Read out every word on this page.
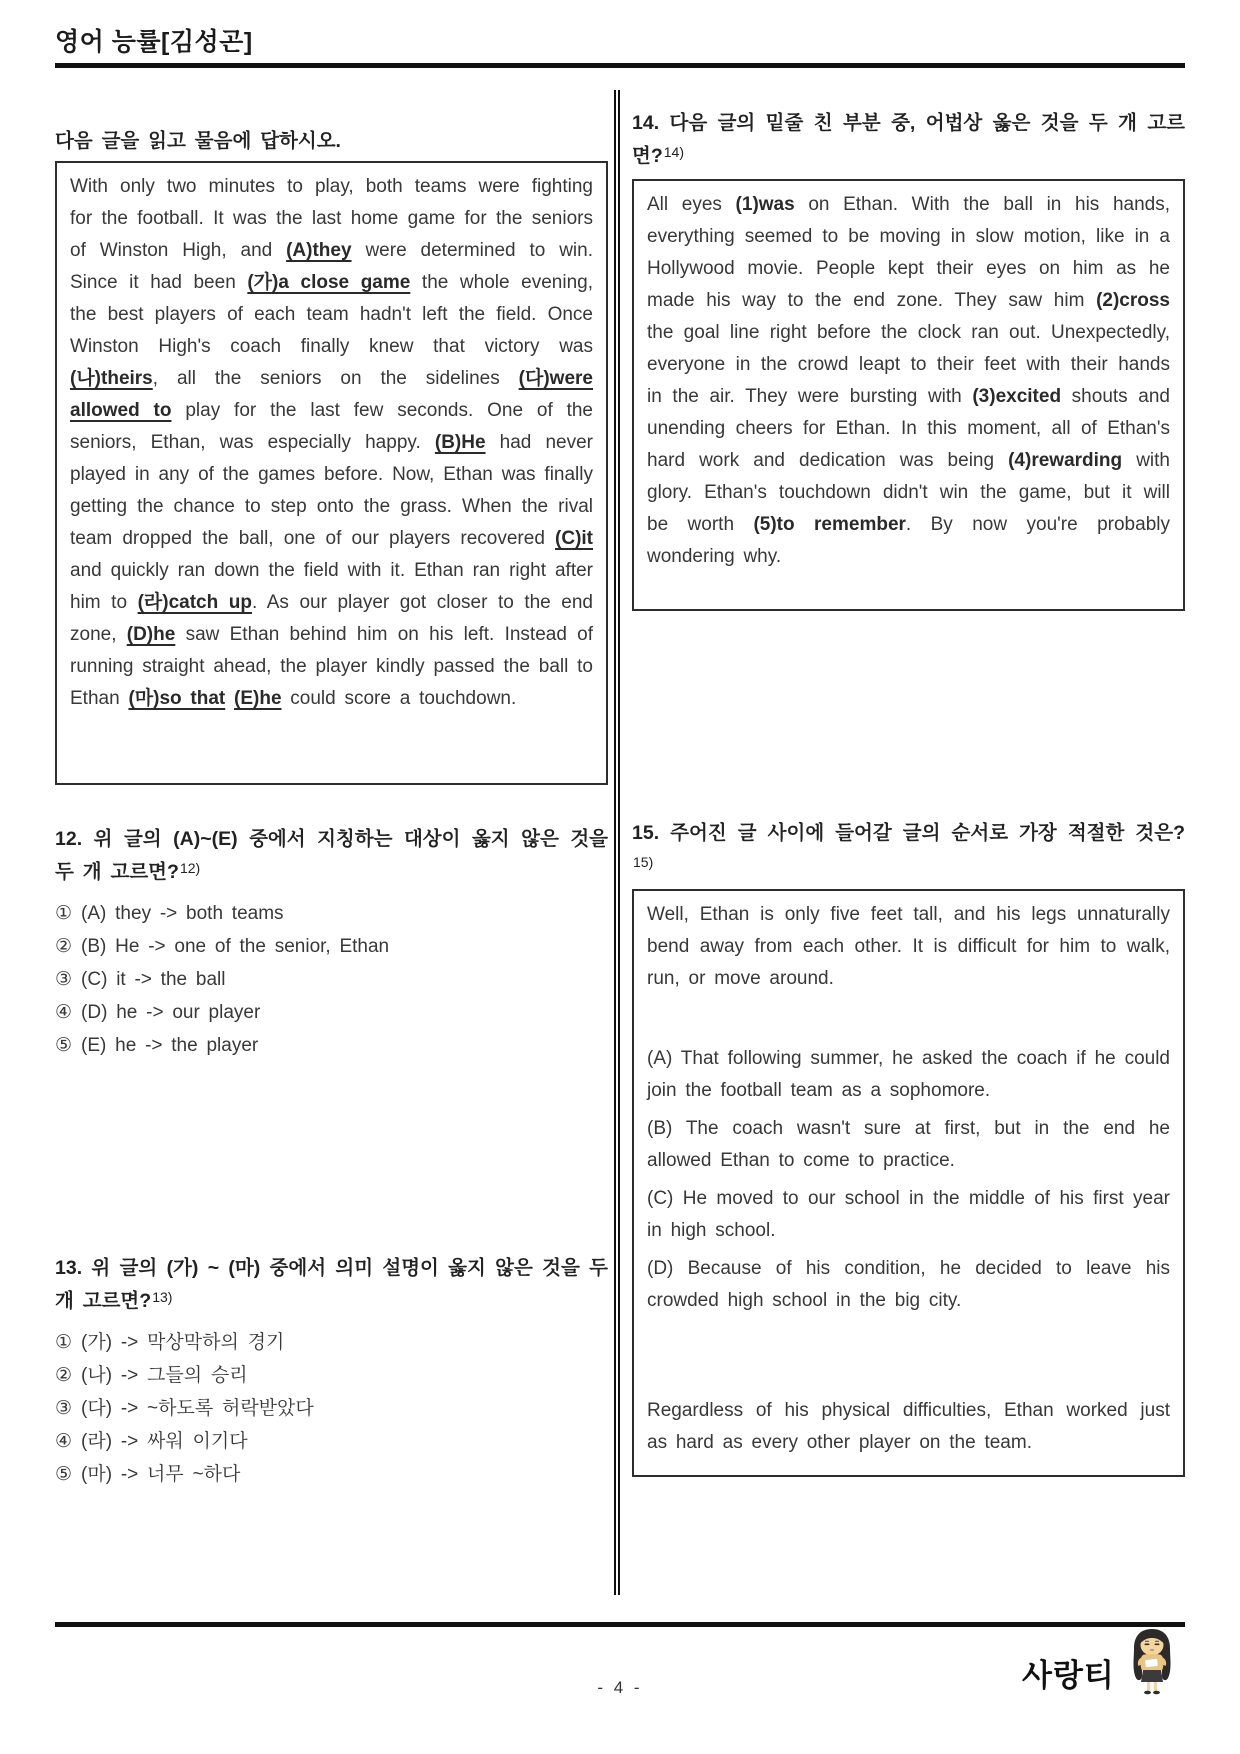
영어 능률[김성곤]
다음 글을 읽고 물음에 답하시오.

With only two minutes to play, both teams were fighting for the football. It was the last home game for the seniors of Winston High, and (A)they were determined to win. Since it had been (가)a close game the whole evening, the best players of each team hadn't left the field. Once Winston High's coach finally knew that victory was (나)theirs, all the seniors on the sidelines (다)were allowed to play for the last few seconds. One of the seniors, Ethan, was especially happy. (B)He had never played in any of the games before. Now, Ethan was finally getting the chance to step onto the grass. When the rival team dropped the ball, one of our players recovered (C)it and quickly ran down the field with it. Ethan ran right after him to (라)catch up. As our player got closer to the end zone, (D)he saw Ethan behind him on his left. Instead of running straight ahead, the player kindly passed the ball to Ethan (마)so that (E)he could score a touchdown.

12. 위 글의 (A)~(E) 중에서 지칭하는 대상이 옳지 않은 것을 두 개 고르면?$^{12)}$
① (A) they -> both teams
② (B) He -> one of the senior, Ethan
③ (C) it -> the ball
④ (D) he -> our player
⑤ (E) he -> the player
13. 위 글의 (가) ~ (마) 중에서 의미 설명이 옳지 않은 것을 두 개 고르면?$^{13)}$
① (가) -> 막상막하의 경기
② (나) -> 그들의 승리
③ (다) -> ~하도록 허락받았다
④ (라) -> 싸워 이기다
⑤ (마) -> 너무 ~하다
14. 다음 글의 밑줄 친 부분 중, 어법상 옳은 것을 두 개 고르면?$^{14)}$

All eyes (1)was on Ethan. With the ball in his hands, everything seemed to be moving in slow motion, like in a Hollywood movie. People kept their eyes on him as he made his way to the end zone. They saw him (2)cross the goal line right before the clock ran out. Unexpectedly, everyone in the crowd leapt to their feet with their hands in the air. They were bursting with (3)excited shouts and unending cheers for Ethan. In this moment, all of Ethan's hard work and dedication was being (4)rewarding with glory. Ethan's touchdown didn't win the game, but it will be worth (5)to remember. By now you're probably wondering why.

15. 주어진 글 사이에 들어갈 글의 순서로 가장 적절한 것은?$^{15)}$

Well, Ethan is only five feet tall, and his legs unnaturally bend away from each other. It is difficult for him to walk, run, or move around.

(A) That following summer, he asked the coach if he could join the football team as a sophomore.

(B) The coach wasn't sure at first, but in the end he allowed Ethan to come to practice.

(C) He moved to our school in the middle of his first year in high school.

(D) Because of his condition, he decided to leave his crowded high school in the big city.

Regardless of his physical difficulties, Ethan worked just as hard as every other player on the team.

- 4 -	사랑티
